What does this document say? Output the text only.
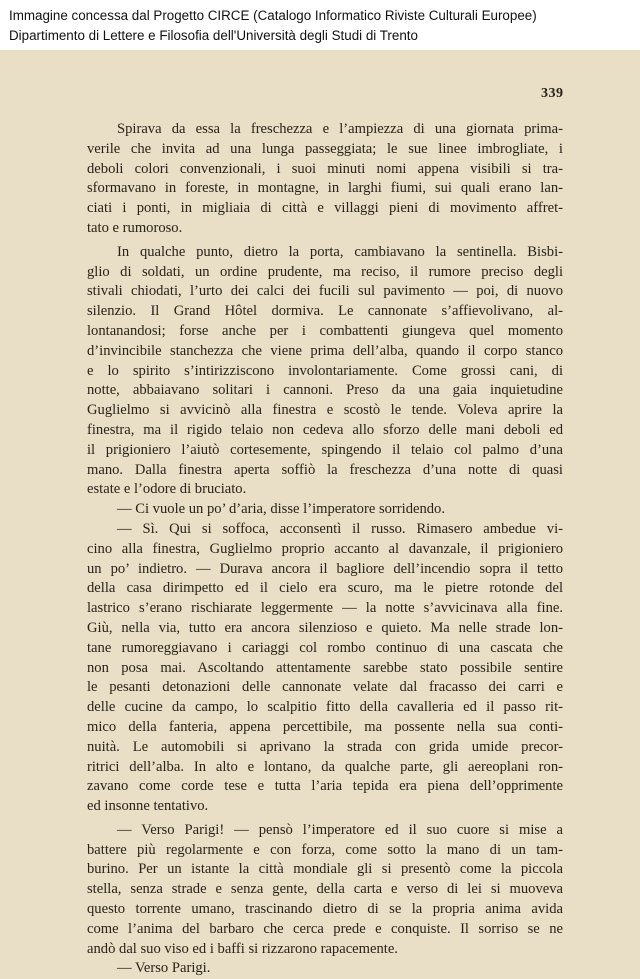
Immagine concessa dal Progetto CIRCE (Catalogo Informatico Riviste Culturali Europee)
Dipartimento di Lettere e Filosofia dell'Università degli Studi di Trento
339
Spirava da essa la freschezza e l’ampiezza di una giornata prima-
verile che invita ad una lunga passeggiata; le sue linee imbrogliate, i
deboli colori convenzionali, i suoi minuti nomi appena visibili si tra-
sformavano in foreste, in montagne, in larghi fiumi, sui quali erano lan-
ciati i ponti, in migliaia di città e villaggi pieni di movimento affret-
tato e rumoroso.
In qualche punto, dietro la porta, cambiavano la sentinella. Bisbi-
glio di soldati, un ordine prudente, ma reciso, il rumore preciso degli
stivali chiodati, l’urto dei calci dei fucili sul pavimento — poi, di nuovo
silenzio. Il Grand Hôtel dormiva. Le cannonate s’affievolivano, al-
lontanandosi; forse anche per i combattenti giungeva quel momento
d’invincibile stanchezza che viene prima dell’alba, quando il corpo stanco
e lo spirito s’intirizziscono involontariamente. Come grossi cani, di
notte, abbaiavano solitari i cannoni. Preso da una gaia inquietudine
Guglielmo si avvicinò alla finestra e scostò le tende. Voleva aprire la
finestra, ma il rigido telaio non cedeva allo sforzo delle mani deboli ed
il prigioniero l’aiutò cortesemente, spingendo il telaio col palmo d’una
mano. Dalla finestra aperta soffiò la freschezza d’una notte di quasi
estate e l’odore di bruciato.
— Ci vuole un po’ d’aria, disse l’imperatore sorridendo.
— Sì. Qui si soffoca, acconsentì il russo. Rimasero ambedue vi-
cino alla finestra, Guglielmo proprio accanto al davanzale, il prigioniero
un po’ indietro. — Durava ancora il bagliore dell’incendio sopra il tetto
della casa dirimpetto ed il cielo era scuro, ma le pietre rotonde del
lastrico s’erano rischiarate leggermente — la notte s’avvicinava alla fine.
Giù, nella via, tutto era ancora silenzioso e quieto. Ma nelle strade lon-
tane rumoreggiavano i cariaggi col rombo continuo di una cascata che
non posa mai. Ascoltando attentamente sarebbe stato possibile sentire
le pesanti detonazioni delle cannonate velate dal fracasso dei carri e
delle cucine da campo, lo scalpitio fitto della cavalleria ed il passo rit-
mico della fanteria, appena percettibile, ma possente nella sua conti-
nuità. Le automobili si aprivano la strada con grida umide precor-
ritrici dell’alba. In alto e lontano, da qualche parte, gli aereoplani ron-
zavano come corde tese e tutta l’aria tepida era piena dell’opprimente
ed insonne tentativo.
— Verso Parigi! — pensò l’imperatore ed il suo cuore si mise a
battere più regolarmente e con forza, come sotto la mano di un tam-
burino. Per un istante la città mondiale gli si presentò come la piccola
stella, senza strade e senza gente, della carta e verso di lei si muoveva
questo torrente umano, trascinando dietro di se la propria anima avida
come l’anima del barbaro che cerca prede e conquiste. Il sorriso se ne
andò dal suo viso ed i baffi si rizzarono rapacemente.
— Verso Parigi.
